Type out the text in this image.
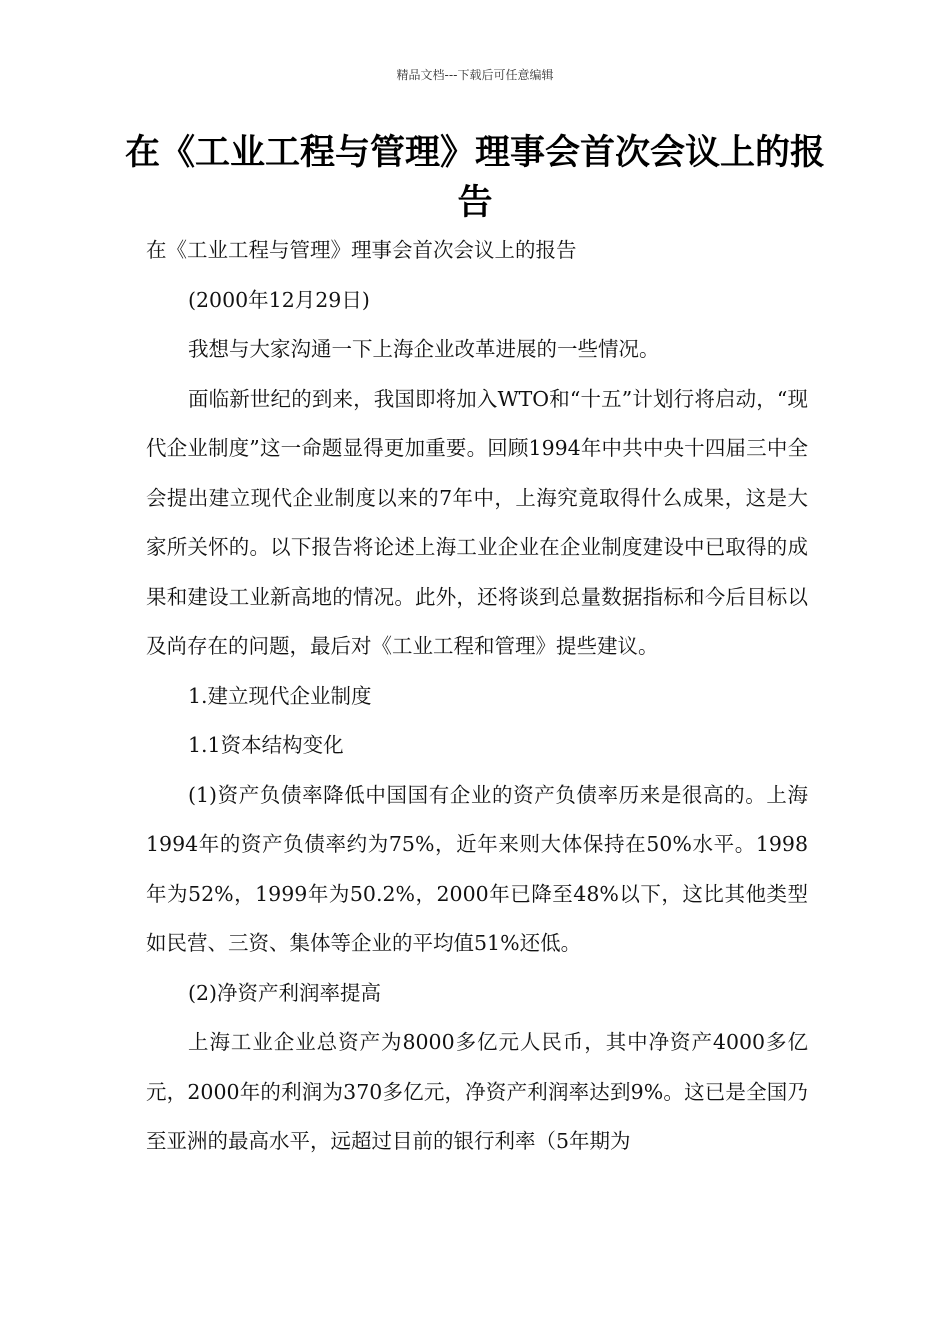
精品文档---下载后可任意编辑
在《工业工程与管理》理事会首次会议上的报告

在《工业工程与管理》理事会首次会议上的报告

(2000年12月29日)

我想与大家沟通一下上海企业改革进展的一些情况。

面临新世纪的到来，我国即将加入WTO和“十五”计划行将启动，“现代企业制度”这一命题显得更加重要。回顾1994年中共中央十四届三中全会提出建立现代企业制度以来的7年中，上海究竟取得什么成果，这是大家所关怀的。以下报告将论述上海工业企业在企业制度建设中已取得的成果和建设工业新高地的情况。此外，还将谈到总量数据指标和今后目标以及尚存在的问题，最后对《工业工程和管理》提些建议。

1.建立现代企业制度

1.1资本结构变化

(1)资产负债率降低中国国有企业的资产负债率历来是很高的。上海1994年的资产负债率约为75%，近年来则大体保持在50%水平。1998年为52%，1999年为50.2%，2000年已降至48%以下，这比其他类型如民营、三资、集体等企业的平均值51%还低。

(2)净资产利润率提高

上海工业企业总资产为8000多亿元人民币，其中净资产4000多亿元，2000年的利润为370多亿元，净资产利润率达到9%。这已是全国乃至亚洲的最高水平，远超过目前的银行利率（5年期为
